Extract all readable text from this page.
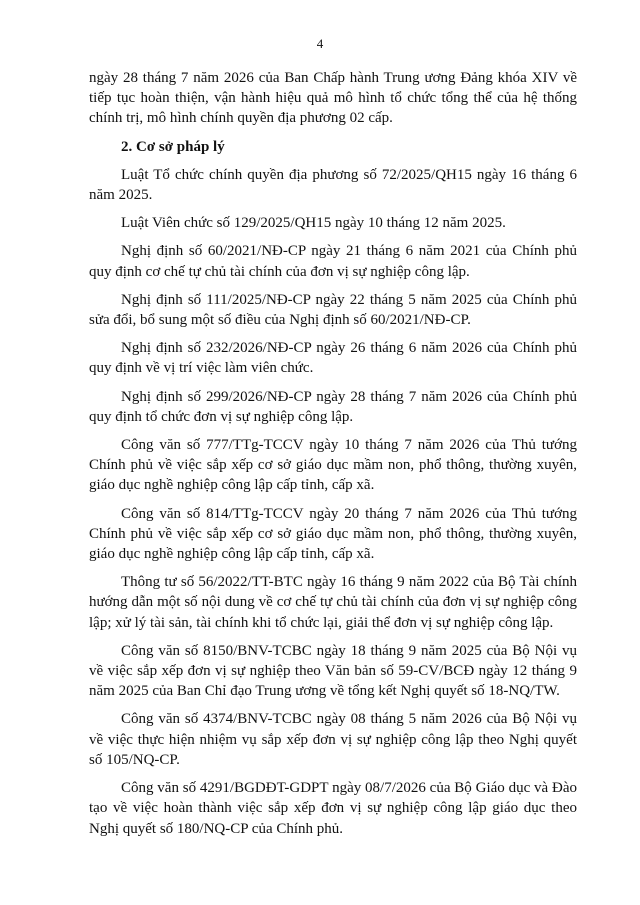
4

ngày 28 tháng 7 năm 2026 của Ban Chấp hành Trung ương Đảng khóa XIV về tiếp tục hoàn thiện, vận hành hiệu quả mô hình tổ chức tổng thể của hệ thống chính trị, mô hình chính quyền địa phương 02 cấp.

2. Cơ sở pháp lý

Luật Tổ chức chính quyền địa phương số 72/2025/QH15 ngày 16 tháng 6 năm 2025.

Luật Viên chức số 129/2025/QH15 ngày 10 tháng 12 năm 2025.

Nghị định số 60/2021/NĐ-CP ngày 21 tháng 6 năm 2021 của Chính phủ quy định cơ chế tự chủ tài chính của đơn vị sự nghiệp công lập.

Nghị định số 111/2025/NĐ-CP ngày 22 tháng 5 năm 2025 của Chính phủ sửa đổi, bổ sung một số điều của Nghị định số 60/2021/NĐ-CP.

Nghị định số 232/2026/NĐ-CP ngày 26 tháng 6 năm 2026 của Chính phủ quy định về vị trí việc làm viên chức.

Nghị định số 299/2026/NĐ-CP ngày 28 tháng 7 năm 2026 của Chính phủ quy định tổ chức đơn vị sự nghiệp công lập.

Công văn số 777/TTg-TCCV ngày 10 tháng 7 năm 2026 của Thủ tướng Chính phủ về việc sắp xếp cơ sở giáo dục mầm non, phổ thông, thường xuyên, giáo dục nghề nghiệp công lập cấp tỉnh, cấp xã.

Công văn số 814/TTg-TCCV ngày 20 tháng 7 năm 2026 của Thủ tướng Chính phủ về việc sắp xếp cơ sở giáo dục mầm non, phổ thông, thường xuyên, giáo dục nghề nghiệp công lập cấp tỉnh, cấp xã.

Thông tư số 56/2022/TT-BTC ngày 16 tháng 9 năm 2022 của Bộ Tài chính hướng dẫn một số nội dung về cơ chế tự chủ tài chính của đơn vị sự nghiệp công lập; xử lý tài sản, tài chính khi tổ chức lại, giải thể đơn vị sự nghiệp công lập.

Công văn số 8150/BNV-TCBC ngày 18 tháng 9 năm 2025 của Bộ Nội vụ về việc sắp xếp đơn vị sự nghiệp theo Văn bản số 59-CV/BCĐ ngày 12 tháng 9 năm 2025 của Ban Chỉ đạo Trung ương về tổng kết Nghị quyết số 18-NQ/TW.

Công văn số 4374/BNV-TCBC ngày 08 tháng 5 năm 2026 của Bộ Nội vụ về việc thực hiện nhiệm vụ sắp xếp đơn vị sự nghiệp công lập theo Nghị quyết số 105/NQ-CP.

Công văn số 4291/BGDĐT-GDPT ngày 08/7/2026 của Bộ Giáo dục và Đào tạo về việc hoàn thành việc sắp xếp đơn vị sự nghiệp công lập giáo dục theo Nghị quyết số 180/NQ-CP của Chính phủ.
